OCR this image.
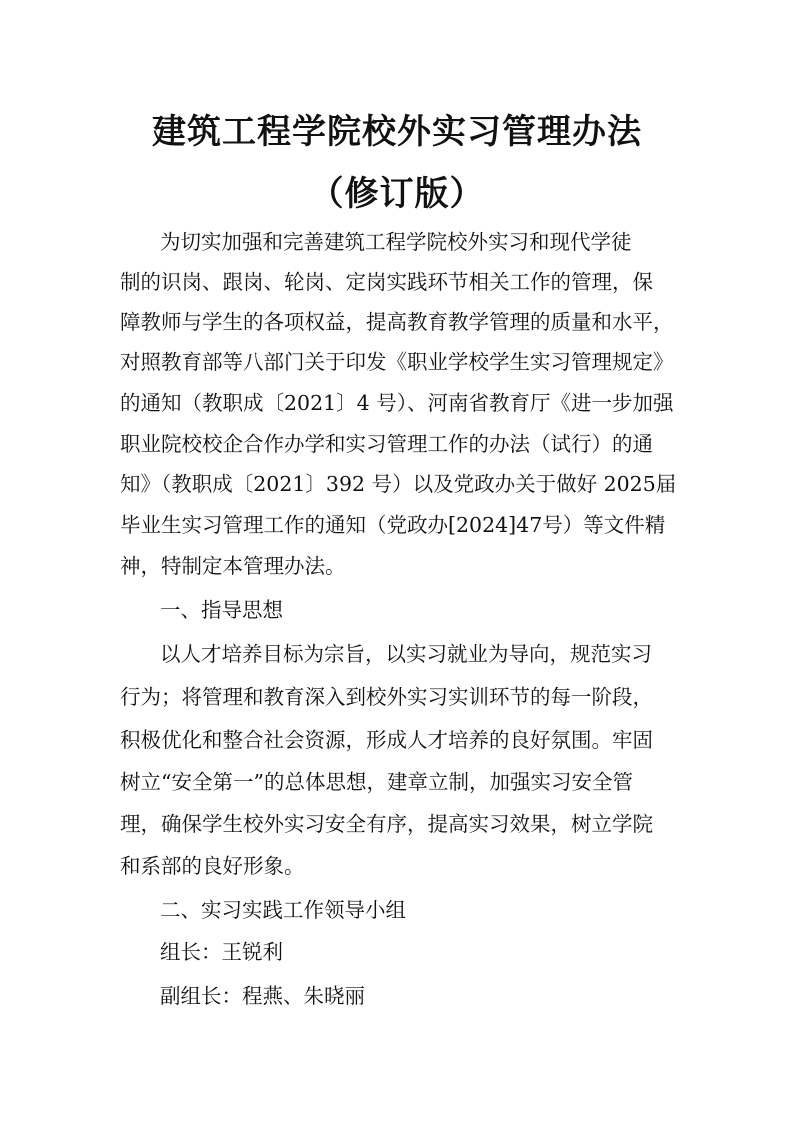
建筑工程学院校外实习管理办法
（修订版）
为切实加强和完善建筑工程学院校外实习和现代学徒
制的识岗、跟岗、轮岗、定岗实践环节相关工作的管理，保
障教师与学生的各项权益，提高教育教学管理的质量和水平，
对照教育部等八部门关于印发《职业学校学生实习管理规定》
的通知（教职成〔2021〕4 号）、河南省教育厅《进一步加强
职业院校校企合作办学和实习管理工作的办法（试行）的通
知》（教职成〔2021〕392 号）以及党政办关于做好 2025届
毕业生实习管理工作的通知（党政办[2024]47号）等文件精
神，特制定本管理办法。
一、指导思想
以人才培养目标为宗旨，以实习就业为导向，规范实习
行为；将管理和教育深入到校外实习实训环节的每一阶段，
积极优化和整合社会资源，形成人才培养的良好氛围。牢固
树立“安全第一”的总体思想，建章立制，加强实习安全管
理，确保学生校外实习安全有序，提高实习效果，树立学院
和系部的良好形象。
二、实习实践工作领导小组
组长：王锐利
副组长：程燕、朱晓丽
